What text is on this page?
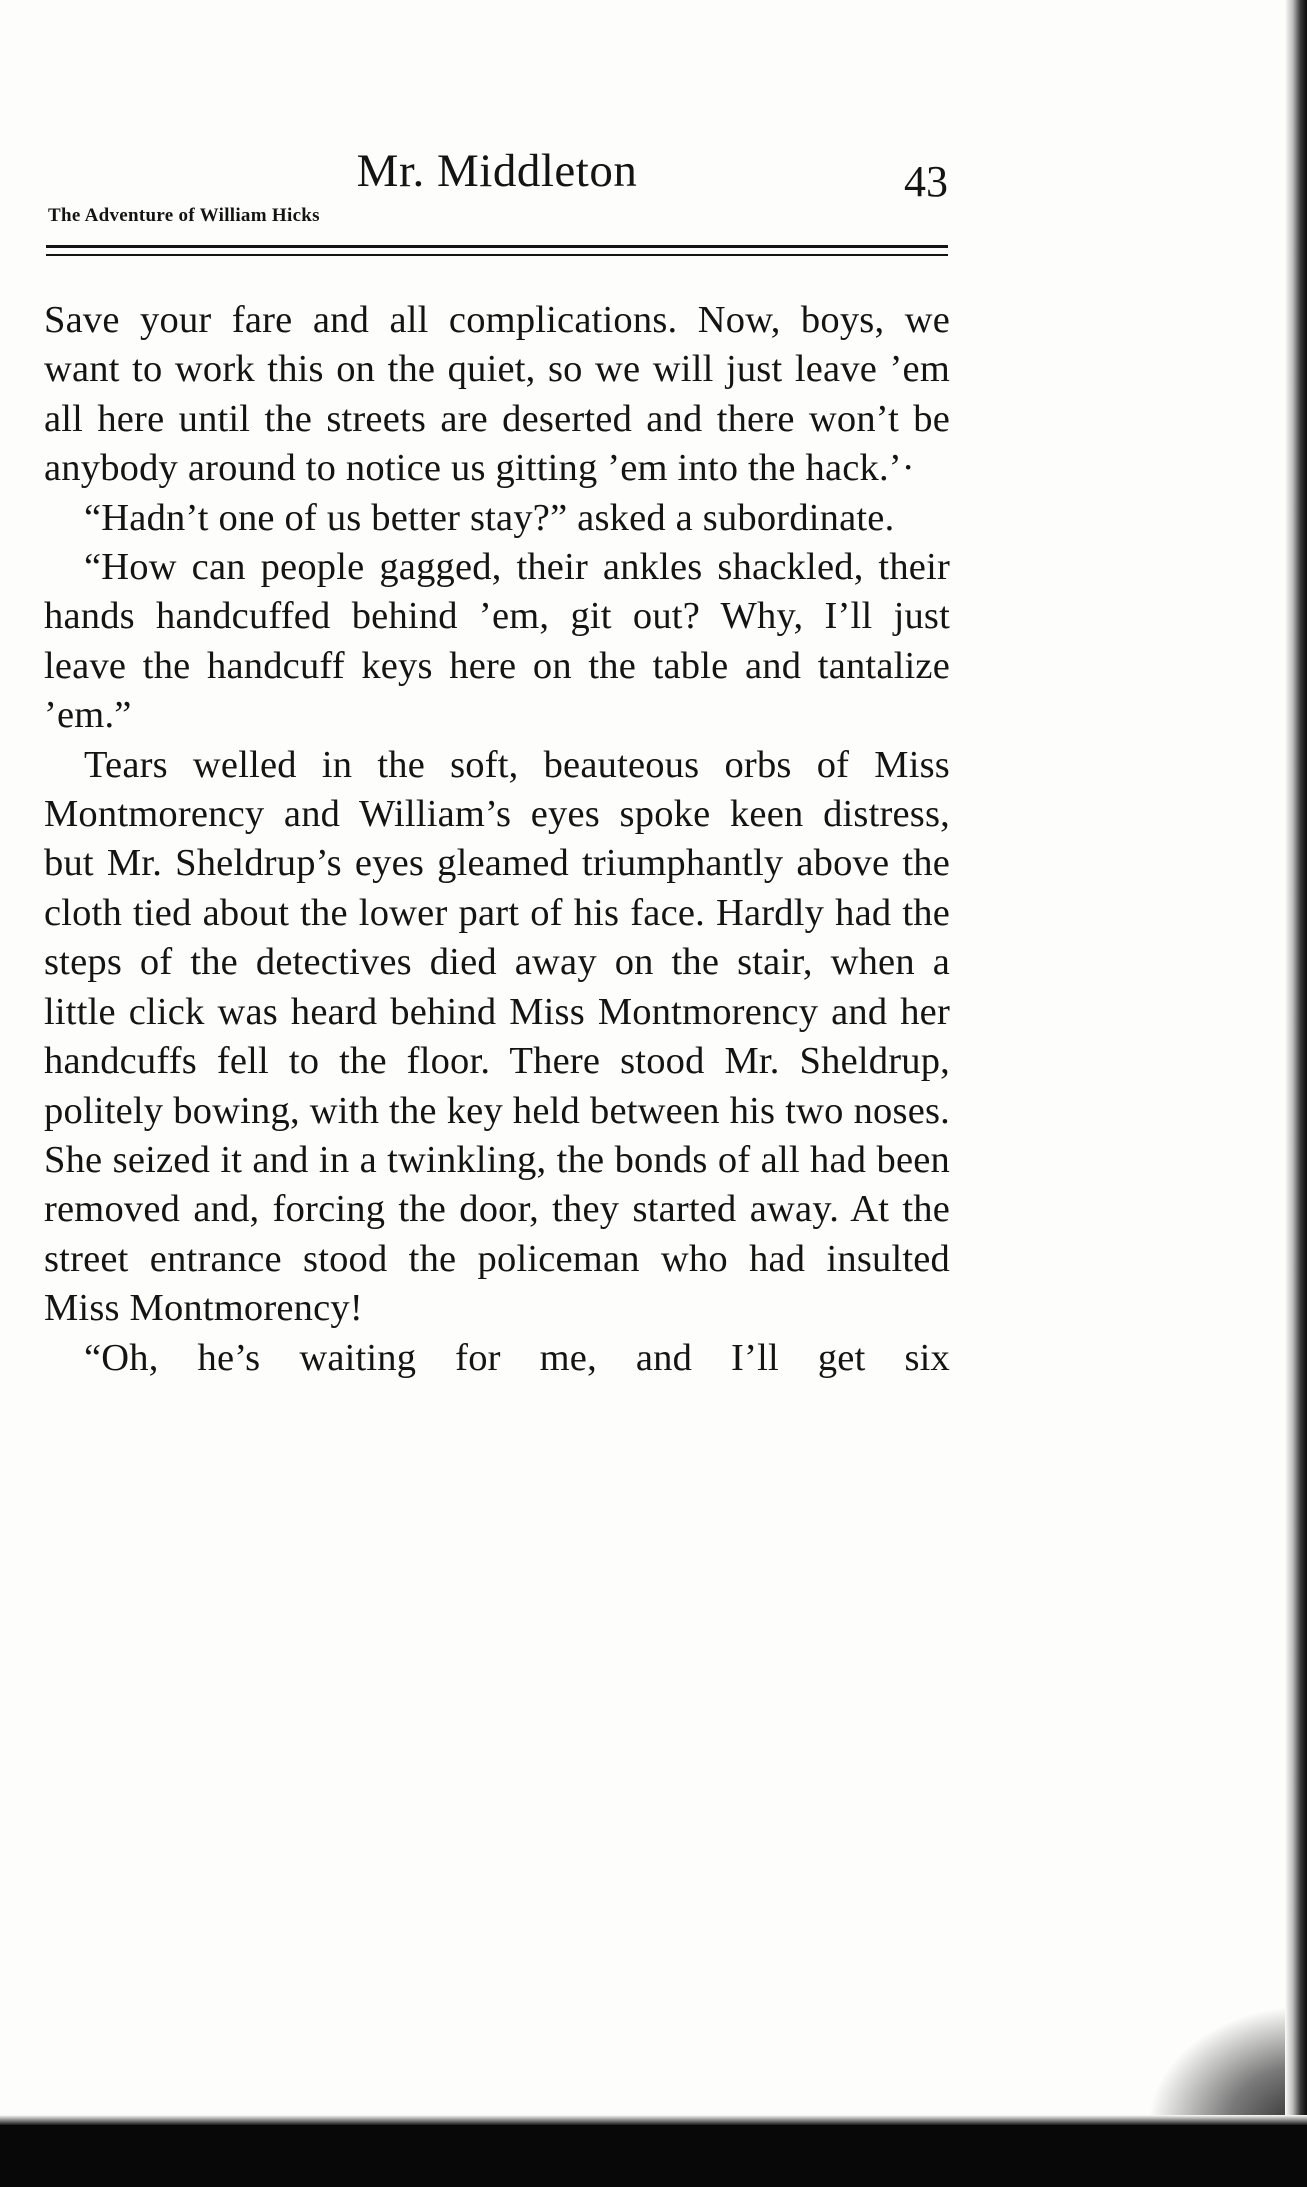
Mr. Middleton
The Adventure of William Hicks
43

Save your fare and all complications. Now, boys, we want to work this on the quiet, so we will just leave ’em all here until the streets are deserted and there won’t be anybody around to notice us gitting ’em into the hack.’·

“Hadn’t one of us better stay?” asked a subordinate.

“How can people gagged, their ankles shackled, their hands handcuffed behind ’em, git out? Why, I’ll just leave the handcuff keys here on the table and tantalize ’em.”

Tears welled in the soft, beauteous orbs of Miss Montmorency and William’s eyes spoke keen distress, but Mr. Sheldrup’s eyes gleamed triumphantly above the cloth tied about the lower part of his face. Hardly had the steps of the detectives died away on the stair, when a little click was heard behind Miss Montmorency and her handcuffs fell to the floor. There stood Mr. Sheldrup, politely bowing, with the key held between his two noses. She seized it and in a twinkling, the bonds of all had been removed and, forcing the door, they started away. At the street entrance stood the policeman who had insulted Miss Montmorency!

“Oh, he’s waiting for me, and I’ll get six
